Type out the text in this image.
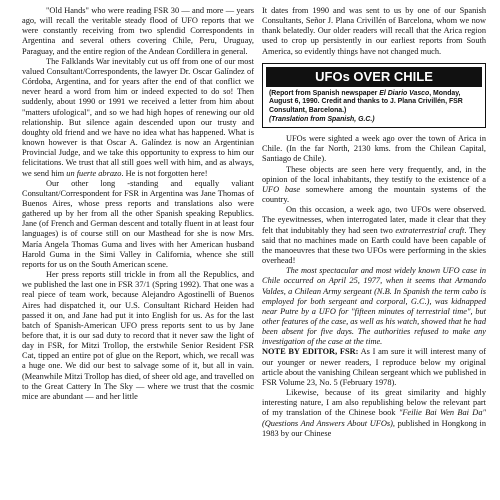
"Old Hands" who were reading FSR 30 — and more — years ago, will recall the veritable steady flood of UFO reports that we were constantly receiving from two splendid Correspondents in Argentina and several others covering Chile, Peru, Uruguay, Paraguay, and the entire region of the Andean Cordillera in general.

The Falklands War inevitably cut us off from one of our most valued Consultant/Correspondents, the lawyer Dr. Oscar Galíndez of Córdoba, Argentina, and for years after the end of that conflict we never heard a word from him or indeed expected to do so! Then suddenly, about 1990 or 1991 we received a letter from him about "matters ufological", and so we had high hopes of renewing our old relationship. But silence again descended upon our trusty and doughty old friend and we have no idea what has happened. What is known however is that Oscar A. Galíndez is now an Argentinian Provincial Judge, and we take this opportunity to express to him our felicitations. We trust that all still goes well with him, and as always, we send him un fuerte abrazo. He is not forgotten here!

Our other long -standing and equally valiant Consultant/Correspondent for FSR in Argentina was Jane Thomas of Buenos Aires, whose press reports and translations also were gathered up by her from all the other Spanish speaking Republics. Jane (of French and German descent and totally fluent in at least four languages) is of course still on our Masthead for she is now Mrs. María Angela Thomas Guma and lives with her American husband Harold Guma in the Simi Valley in California, whence she still reports for us on the South American scene.

Her press reports still trickle in from all the Republics, and we published the last one in FSR 37/1 (Spring 1992). That one was a real piece of team work, because Alejandro Agostinelli of Buenos Aires had dispatched it, our U.S. Consultant Richard Heiden had passed it on, and Jane had put it into English for us. As for the last batch of Spanish-American UFO press reports sent to us by Jane before that, it is our sad duty to record that it never saw the light of day in FSR, for Mitzi Trollop, the erstwhile Senior Resident FSR Cat, tipped an entire pot of glue on the Report, which, we recall was a huge one. We did our best to salvage some of it, but all in vain. (Meanwhile Mitzi Trollop has died, of sheer old age, and travelled on to the Great Cattery In The Sky — where we trust that the cosmic mice are abundant — and her little

It dates from 1990 and was sent to us by one of our Spanish Consultants, Señor J. Plana Crivillén of Barcelona, whom we now thank belatedly. Our older readers will recall that the Arica region used to crop up persistently in our earliest reports from South America, so evidently things have not changed much.

UFOs OVER CHILE
(Report from Spanish newspaper El Diario Vasco, Monday, August 6, 1990. Credit and thanks to J. Plana Crivillén, FSR Consultant, Barcelona.)
(Translation from Spanish, G.C.)

UFOs were sighted a week ago over the town of Arica in Chile. (In the far North, 2130 kms. from the Chilean Capital, Santiago de Chile).

These objects are seen here very frequently, and, in the opinion of the local inhabitants, they testify to the existence of a UFO base somewhere among the mountain systems of the country.

On this occasion, a week ago, two UFOs were observed. The eyewitnesses, when interrogated later, made it clear that they felt that indubitably they had seen two extraterrestrial craft. They said that no machines made on Earth could have been capable of the manoeuvres that these two UFOs were performing in the skies overhead!

The most spectacular and most widely known UFO case in Chile occurred on April 25, 1977, when it seems that Armando Valdes, a Chilean Army sergeant (N.B. In Spanish the term cabo is employed for both sergeant and corporal, G.C.), was kidnapped near Putre by a UFO for "fifteen minutes of terrestrial time", but other features of the case, as well as his watch, showed that he had been absent for five days. The authorities refused to make any investigation of the case at the time.

NOTE BY EDITOR, FSR: As I am sure it will interest many of our younger or newer readers, I reproduce below my original article about the vanishing Chilean sergeant which we published in FSR Volume 23, No. 5 (February 1978).

Likewise, because of its great similarity and highly interesting nature, I am also republishing below the relevant part of my translation of the Chinese book "Feilie Bai Wen Bai Da" (Questions And Answers About UFOs), published in Hongkong in 1983 by our Chinese
